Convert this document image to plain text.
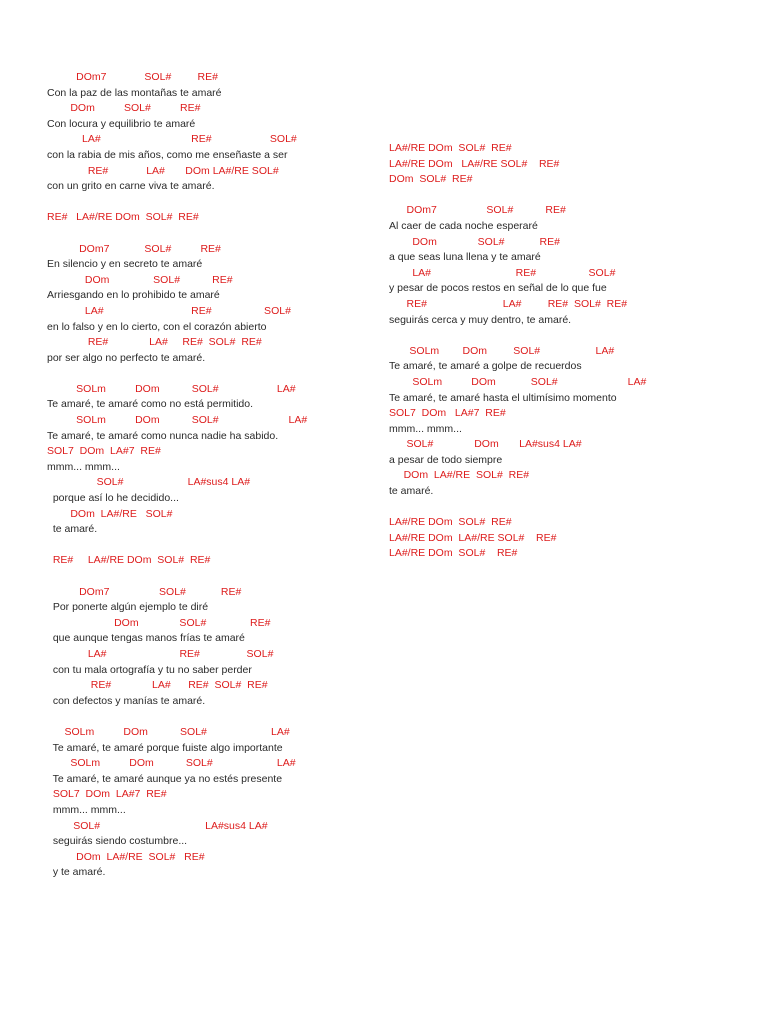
DOm7             SOL#         RE#
Con la paz de las montañas te amaré
DOm          SOL#          RE#
Con locura y equilibrio te amaré
LA#                               RE#                    SOL#
con la rabia de mis años, como me enseñaste a ser
RE#             LA#       DOm LA#/RE SOL#
con un grito en carne viva te amaré.
RE#   LA#/RE DOm  SOL#  RE#
DOm7            SOL#          RE#
En silencio y en secreto te amaré
DOm               SOL#           RE#
Arriesgando en lo prohibido te amaré
LA#                              RE#                  SOL#
en lo falso y en lo cierto, con el corazón abierto
RE#              LA#     RE#  SOL#  RE#
por ser algo no perfecto te amaré.
SOLm          DOm           SOL#                    LA#
Te amaré, te amaré como no está permitido.
SOLm          DOm           SOL#                        LA#
Te amaré, te amaré como nunca nadie ha sabido.
SOL7  DOm  LA#7  RE#
mmm... mmm...
SOL#                      LA#sus4 LA#
porque así lo he decidido...
DOm  LA#/RE   SOL#
te amaré.
RE#     LA#/RE DOm  SOL#  RE#
DOm7                 SOL#            RE#
Por ponerte algún ejemplo te diré
DOm              SOL#               RE#
que aunque tengas manos frías te amaré
LA#                         RE#                SOL#
con tu mala ortografía y tu no saber perder
RE#              LA#      RE#  SOL#  RE#
con defectos y manías te amaré.
SOLm          DOm           SOL#                      LA#
Te amaré, te amaré porque fuiste algo importante
SOLm          DOm           SOL#                      LA#
Te amaré, te amaré aunque ya no estés presente
SOL7  DOm  LA#7  RE#
mmm... mmm...
SOL#                                    LA#sus4 LA#
seguirás siendo costumbre...
DOm  LA#/RE  SOL#   RE#
y te amaré.
LA#/RE DOm  SOL#  RE#
LA#/RE DOm   LA#/RE SOL#    RE#
DOm  SOL#  RE#
DOm7                 SOL#           RE#
Al caer de cada noche esperaré
DOm              SOL#            RE#
a que seas luna llena y te amaré
LA#                             RE#                  SOL#
y pesar de pocos restos en señal de lo que fue
RE#                          LA#         RE#  SOL#  RE#
seguirás cerca y muy dentro, te amaré.
SOLm        DOm         SOL#                   LA#
Te amaré, te amaré a golpe de recuerdos
SOLm          DOm            SOL#                        LA#
Te amaré, te amaré hasta el ultimísimo momento
SOL7  DOm   LA#7  RE#
mmm... mmm...
SOL#              DOm       LA#sus4 LA#
a pesar de todo siempre
DOm  LA#/RE  SOL#  RE#
te amaré.
LA#/RE DOm  SOL#  RE#
LA#/RE DOm  LA#/RE SOL#    RE#
LA#/RE DOm  SOL#    RE#
